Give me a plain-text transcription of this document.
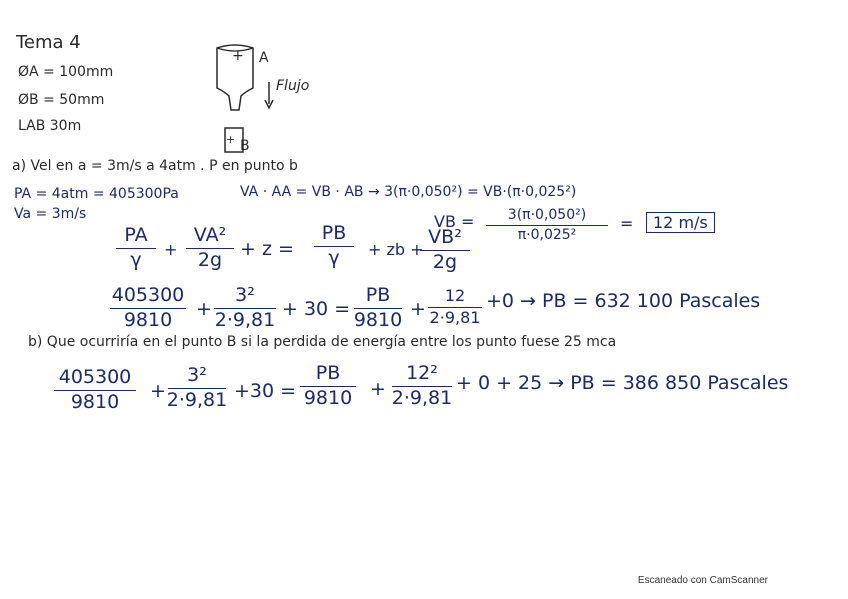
Tema 4
ØA = 100mm
ØB = 50mm
LAB 30m
+ A
Flujo
+ B
a) Vel en a = 3m/s a 4atm . P en punto b
PA = 4atm = 405300Pa
Va = 3m/s
VA · AA = VB · AB → 3(π·0,050²) = VB·(π·0,025²)
VB = 3(π·0,050²)
π·0,025²
=	12 m/s
PA
γ +
VA²
2g + z =
PB
γ + zb +
VB²
2g
405300
9810 +
3²
2·9,81 + 30 =
PB
9810 +
12
2·9,81
+0 → PB = 632 100 Pascales
b) Que ocurriría en el punto B si la perdida de energía entre los punto fuese 25 mca
405300
9810 +
3²
2·9,81 +30 =
PB
9810 +
12²
2·9,81
+ 0 + 25 → PB = 386 850 Pascales
Escaneado con CamScanner
